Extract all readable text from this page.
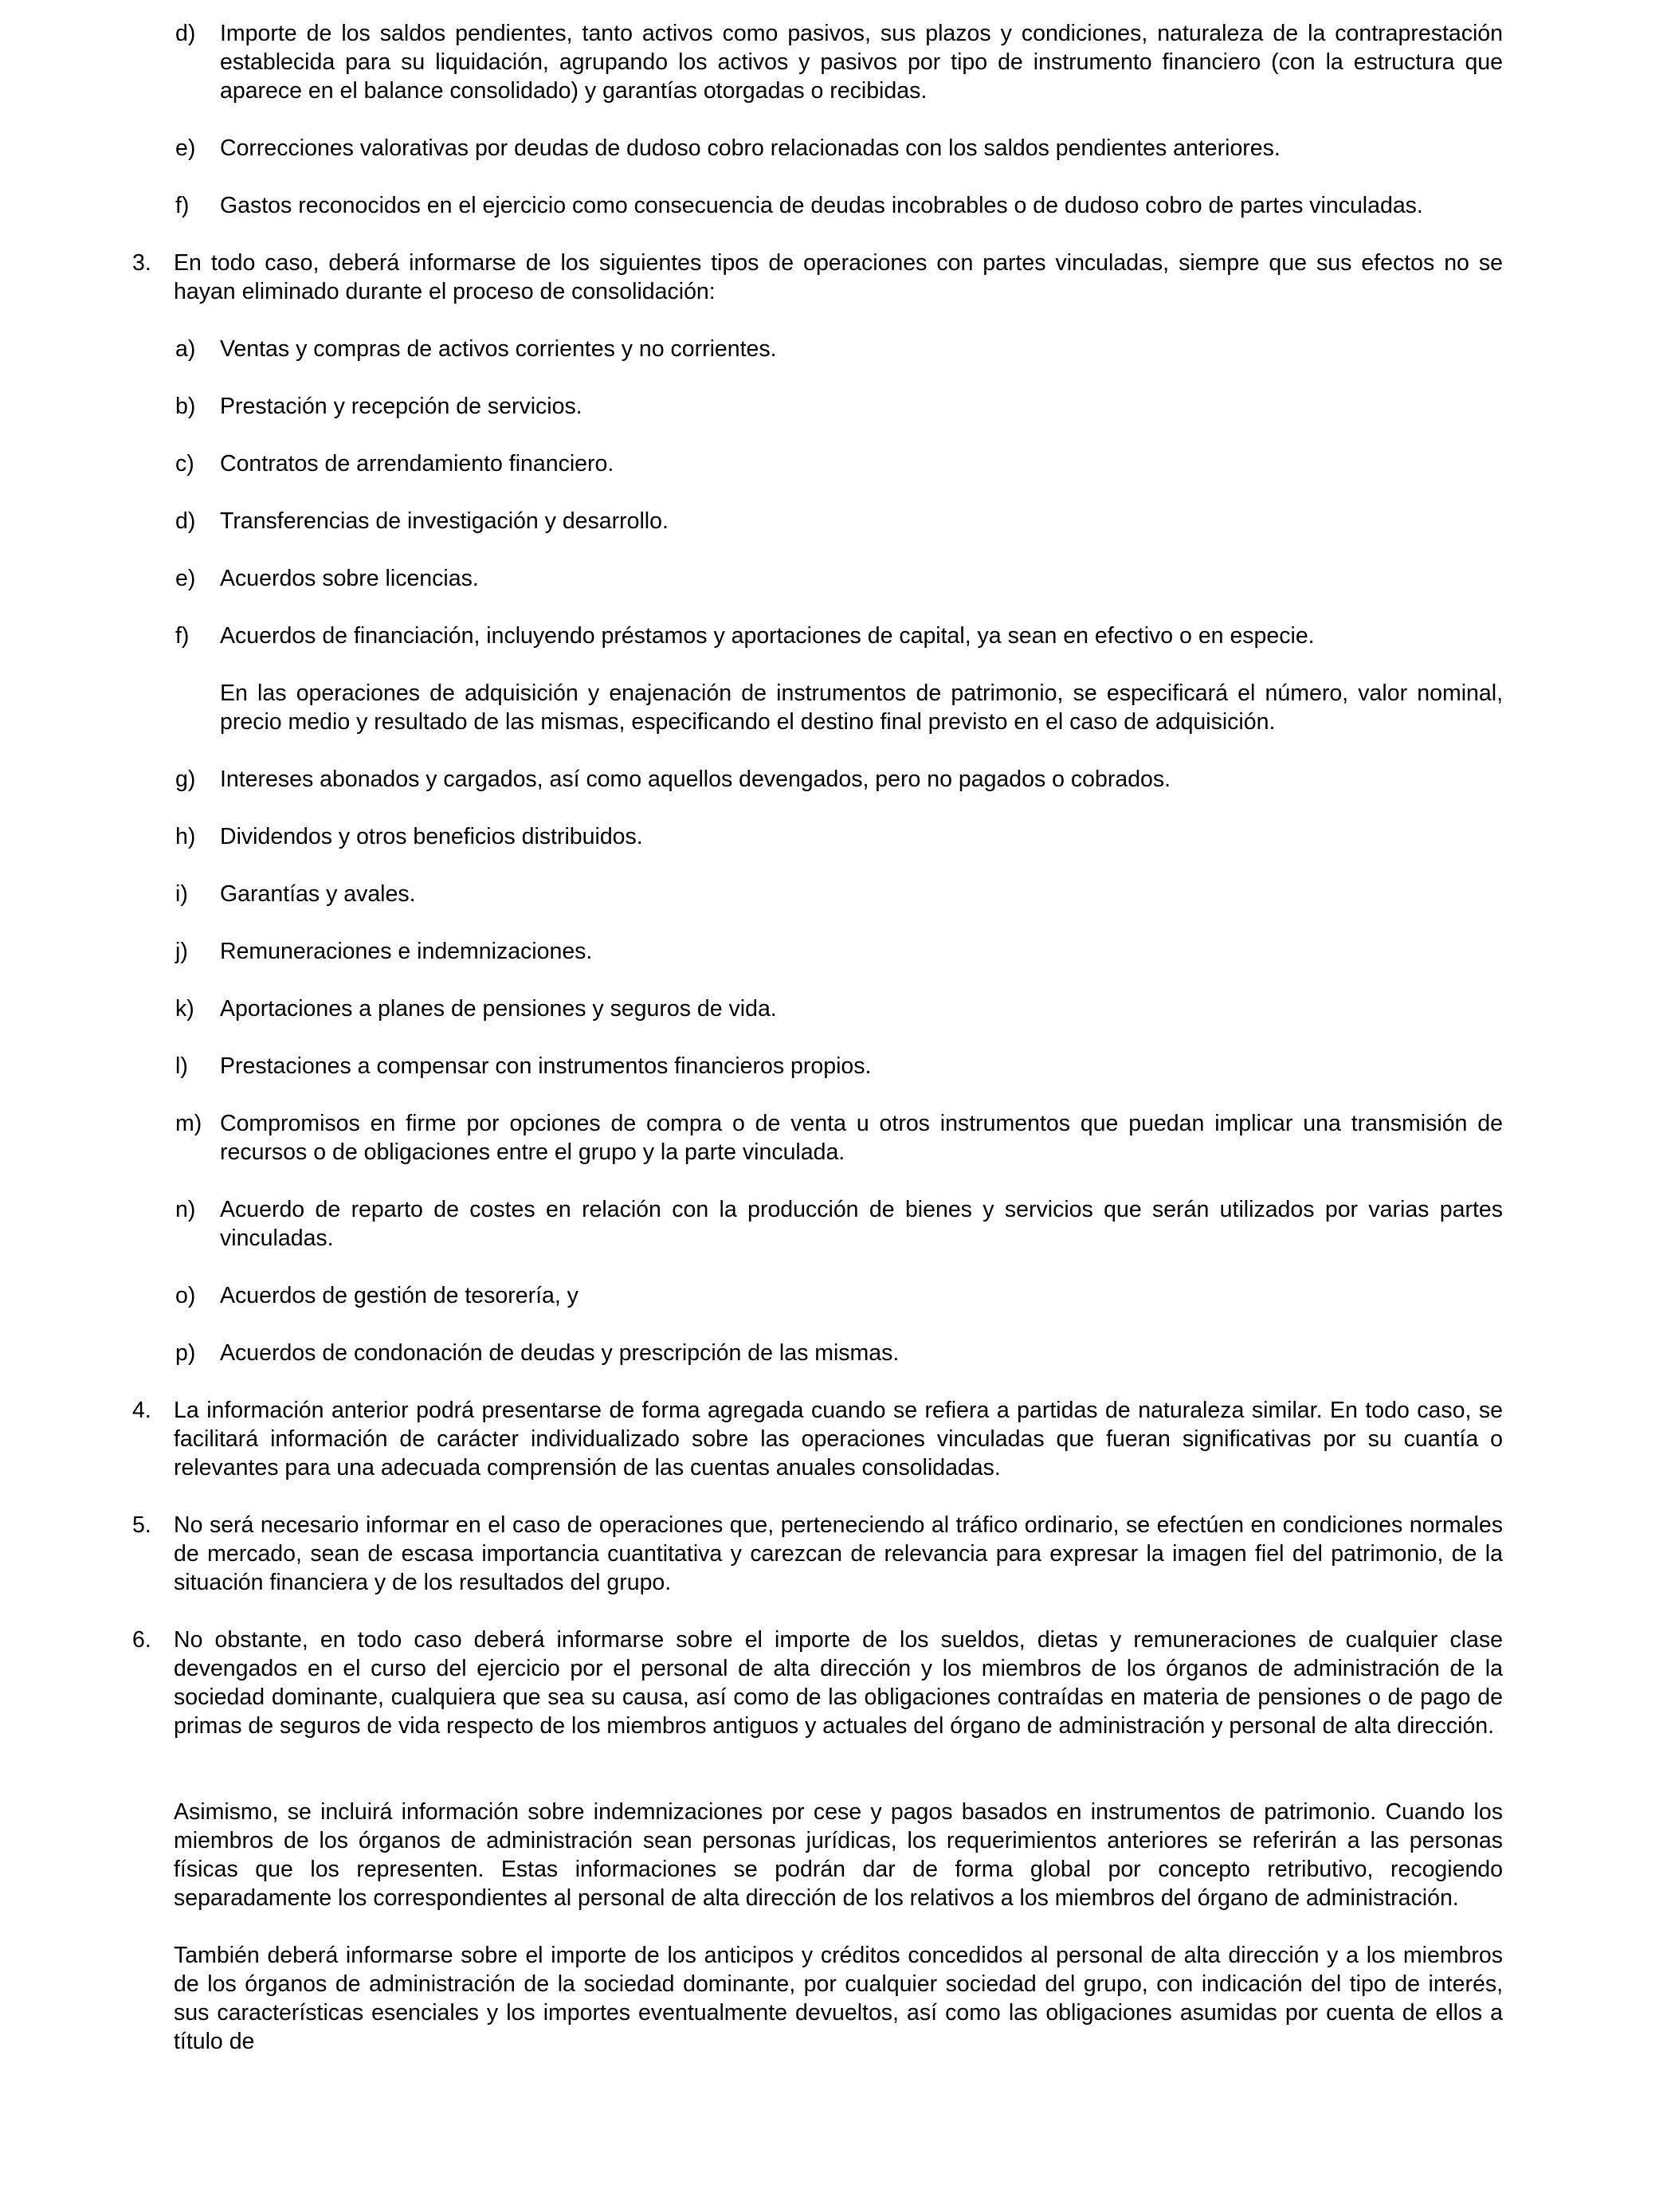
d) Importe de los saldos pendientes, tanto activos como pasivos, sus plazos y condiciones, naturaleza de la contraprestación establecida para su liquidación, agrupando los activos y pasivos por tipo de instrumento financiero (con la estructura que aparece en el balance consolidado) y garantías otorgadas o recibidas.
e) Correcciones valorativas por deudas de dudoso cobro relacionadas con los saldos pendientes anteriores.
f) Gastos reconocidos en el ejercicio como consecuencia de deudas incobrables o de dudoso cobro de partes vinculadas.
3. En todo caso, deberá informarse de los siguientes tipos de operaciones con partes vinculadas, siempre que sus efectos no se hayan eliminado durante el proceso de consolidación:
a) Ventas y compras de activos corrientes y no corrientes.
b) Prestación y recepción de servicios.
c) Contratos de arrendamiento financiero.
d) Transferencias de investigación y desarrollo.
e) Acuerdos sobre licencias.
f) Acuerdos de financiación, incluyendo préstamos y aportaciones de capital, ya sean en efectivo o en especie.
En las operaciones de adquisición y enajenación de instrumentos de patrimonio, se especificará el número, valor nominal, precio medio y resultado de las mismas, especificando el destino final previsto en el caso de adquisición.
g) Intereses abonados y cargados, así como aquellos devengados, pero no pagados o cobrados.
h) Dividendos y otros beneficios distribuidos.
i) Garantías y avales.
j) Remuneraciones e indemnizaciones.
k) Aportaciones a planes de pensiones y seguros de vida.
l) Prestaciones a compensar con instrumentos financieros propios.
m) Compromisos en firme por opciones de compra o de venta u otros instrumentos que puedan implicar una transmisión de recursos o de obligaciones entre el grupo y la parte vinculada.
n) Acuerdo de reparto de costes en relación con la producción de bienes y servicios que serán utilizados por varias partes vinculadas.
o) Acuerdos de gestión de tesorería, y
p) Acuerdos de condonación de deudas y prescripción de las mismas.
4. La información anterior podrá presentarse de forma agregada cuando se refiera a partidas de naturaleza similar. En todo caso, se facilitará información de carácter individualizado sobre las operaciones vinculadas que fueran significativas por su cuantía o relevantes para una adecuada comprensión de las cuentas anuales consolidadas.
5. No será necesario informar en el caso de operaciones que, perteneciendo al tráfico ordinario, se efectúen en condiciones normales de mercado, sean de escasa importancia cuantitativa y carezcan de relevancia para expresar la imagen fiel del patrimonio, de la situación financiera y de los resultados del grupo.
6. No obstante, en todo caso deberá informarse sobre el importe de los sueldos, dietas y remuneraciones de cualquier clase devengados en el curso del ejercicio por el personal de alta dirección y los miembros de los órganos de administración de la sociedad dominante, cualquiera que sea su causa, así como de las obligaciones contraídas en materia de pensiones o de pago de primas de seguros de vida respecto de los miembros antiguos y actuales del órgano de administración y personal de alta dirección.
Asimismo, se incluirá información sobre indemnizaciones por cese y pagos basados en instrumentos de patrimonio. Cuando los miembros de los órganos de administración sean personas jurídicas, los requerimientos anteriores se referirán a las personas físicas que los representen. Estas informaciones se podrán dar de forma global por concepto retributivo, recogiendo separadamente los correspondientes al personal de alta dirección de los relativos a los miembros del órgano de administración.
También deberá informarse sobre el importe de los anticipos y créditos concedidos al personal de alta dirección y a los miembros de los órganos de administración de la sociedad dominante, por cualquier sociedad del grupo, con indicación del tipo de interés, sus características esenciales y los importes eventualmente devueltos, así como las obligaciones asumidas por cuenta de ellos a título de
